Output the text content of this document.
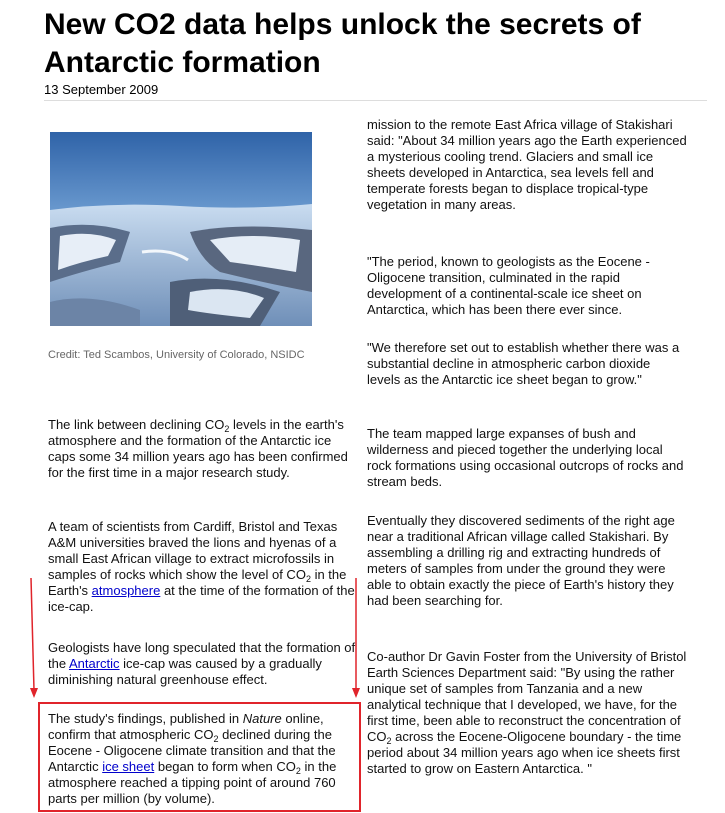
New CO2 data helps unlock the secrets of Antarctic formation
13 September 2009
Credit: Ted Scambos, University of Colorado, NSIDC

The link between declining $CO_2$ levels in the earth's atmosphere and the formation of the Antarctic ice caps some 34 million years ago has been confirmed for the first time in a major research study.

A team of scientists from Cardiff, Bristol and Texas A&M universities braved the lions and hyenas of a small East African village to extract microfossils in samples of rocks which show the level of $CO_2$ in the Earth's atmosphere at the time of the formation of the ice-cap.

Geologists have long speculated that the formation of the Antarctic ice-cap was caused by a gradually diminishing natural greenhouse effect.

The study's findings, published in Nature online, confirm that atmospheric $CO_2$ declined during the Eocene - Oligocene climate transition and that the Antarctic ice sheet began to form when $CO_2$ in the atmosphere reached a tipping point of around 760 parts per million (by volume).

mission to the remote East Africa village of Stakishari said: "About 34 million years ago the Earth experienced a mysterious cooling trend. Glaciers and small ice sheets developed in Antarctica, sea levels fell and temperate forests began to displace tropical-type vegetation in many areas.

"The period, known to geologists as the Eocene - Oligocene transition, culminated in the rapid development of a continental-scale ice sheet on Antarctica, which has been there ever since.

"We therefore set out to establish whether there was a substantial decline in atmospheric carbon dioxide levels as the Antarctic ice sheet began to grow."

The team mapped large expanses of bush and wilderness and pieced together the underlying local rock formations using occasional outcrops of rocks and stream beds.

Eventually they discovered sediments of the right age near a traditional African village called Stakishari. By assembling a drilling rig and extracting hundreds of meters of samples from under the ground they were able to obtain exactly the piece of Earth's history they had been searching for.

Co-author Dr Gavin Foster from the University of Bristol Earth Sciences Department said: "By using the rather unique set of samples from Tanzania and a new analytical technique that I developed, we have, for the first time, been able to reconstruct the concentration of $CO_2$ across the Eocene-Oligocene boundary - the time period about 34 million years ago when ice sheets first started to grow on Eastern Antarctica. "
